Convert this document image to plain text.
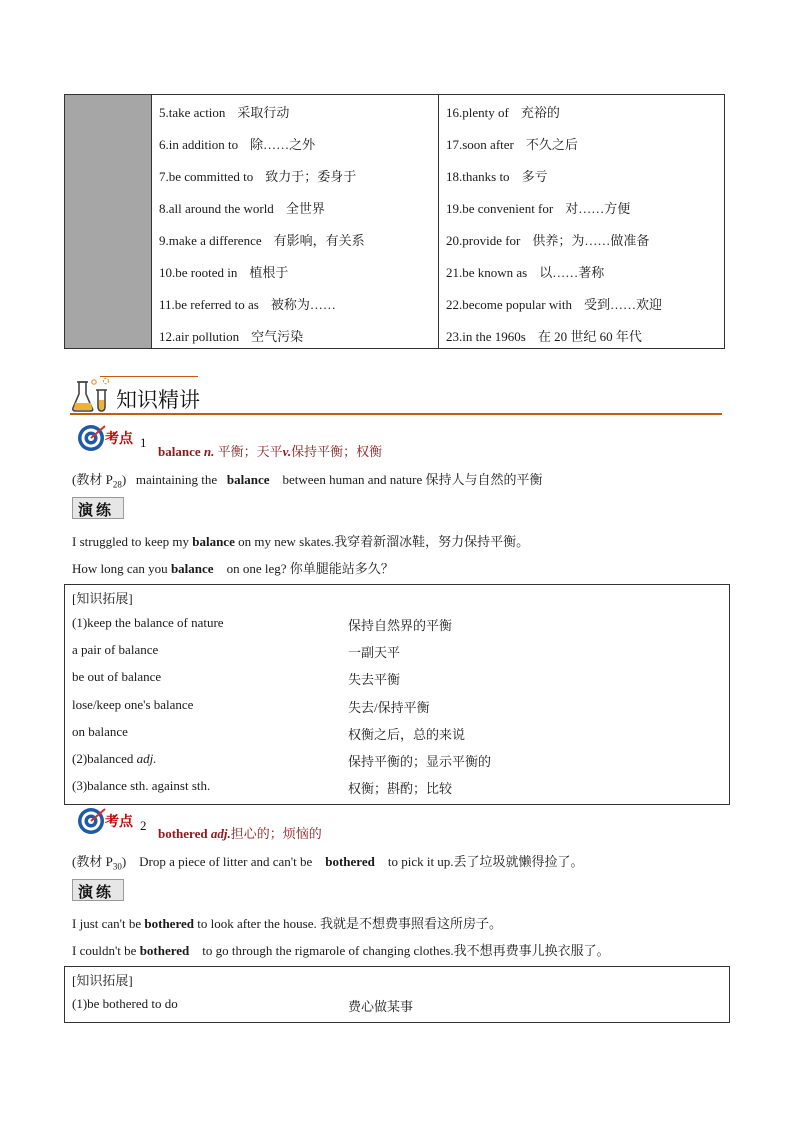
5.take action 采取行动
6.in addition to 除……之外
7.be committed to 致力于；委身于
8.all around the world 全世界
9.make a difference 有影响，有关系
10.be rooted in 植根于
11.be referred to as 被称为……
12.air pollution 空气污染
16.plenty of 充裕的
17.soon after 不久之后
18.thanks to 多亏
19.be convenient for 对……方便
20.provide for 供养；为……做准备
21.be known as 以……著称
22.become popular with 受到……欢迎
23.in the 1960s 在 20 世纪 60 年代
知识精讲
考点 1
balance n. 平衡；天平v.保持平衡；权衡
(教材 $P_{28}$) maintaining the balance between human and nature 保持人与自然的平衡
演练
I struggled to keep my balance on my new skates.我穿着新溜冰鞋，努力保持平衡。
How long can you balance on one leg? 你单腿能站多久？
[知识拓展]
(1)keep the balance of nature	保持自然界的平衡
a pair of balance	一副天平
be out of balance	失去平衡
lose/keep one's balance	失去/保持平衡
on balance	权衡之后，总的来说
(2)balanced adj.	保持平衡的；显示平衡的
(3)balance sth. against sth.	权衡；斟酌；比较
考点 2
bothered adj.担心的；烦恼的
(教材 $P_{30}$) Drop a piece of litter and can't be bothered to pick it up.丢了垃圾就懒得捡了。
演练
I just can't be bothered to look after the house. 我就是不想费事照看这所房子。
I couldn't be bothered to go through the rigmarole of changing clothes.我不想再费事儿换衣服了。
[知识拓展]
(1)be bothered to do	费心做某事
